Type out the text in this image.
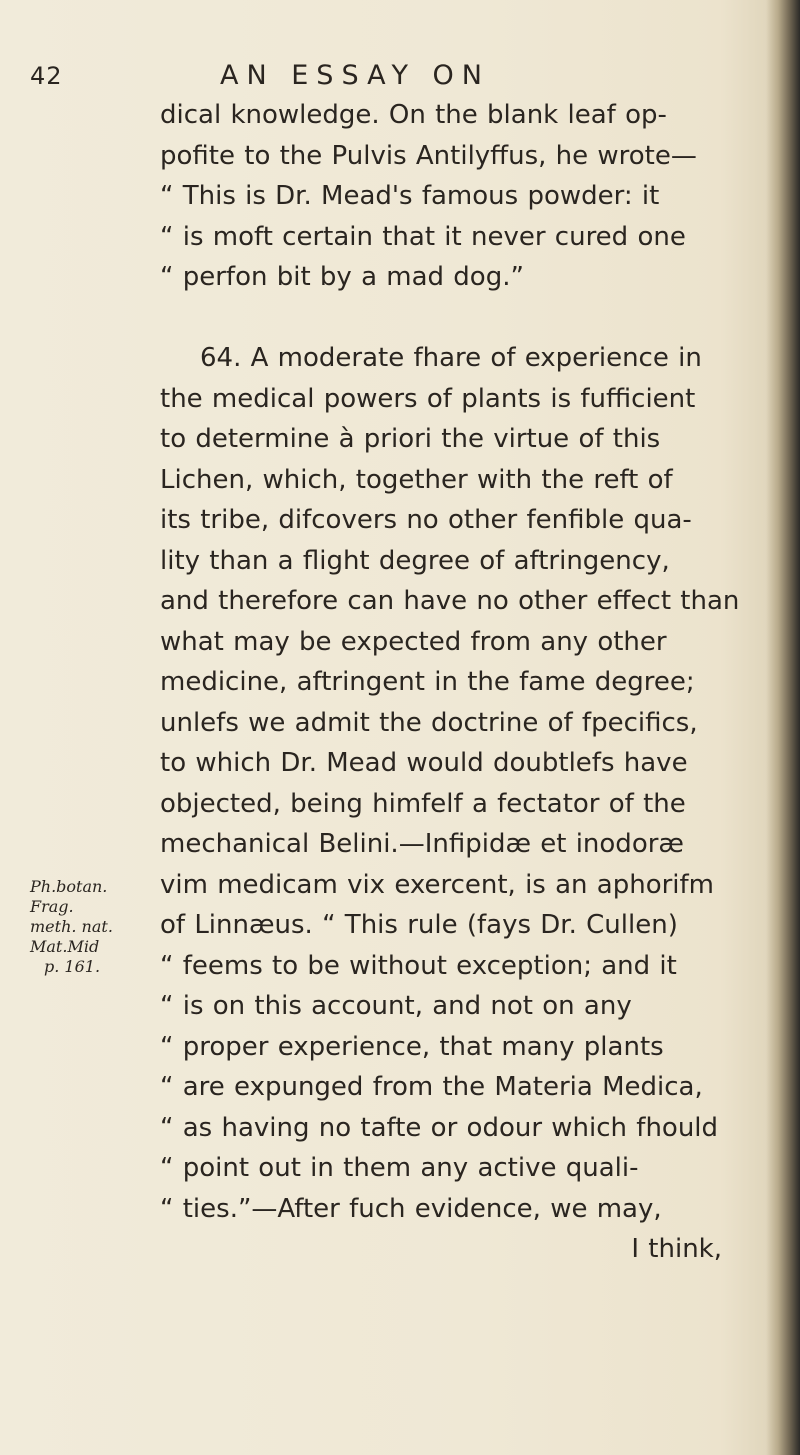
42	AN ESSAY ON
dical knowledge. On the blank leaf op-
pofite to the Pulvis Antilyffus, he wrote—
“ This is Dr. Mead's famous powder: it
“ is moft certain that it never cured one
“ perfon bit by a mad dog.”
64. A moderate fhare of experience in
the medical powers of plants is fufficient
to determine à priori the virtue of this
Lichen, which, together with the reft of
its tribe, difcovers no other fenfible qua-
lity than a flight degree of aftringency,
and therefore can have no other effect than
what may be expected from any other
medicine, aftringent in the fame degree;
unlefs we admit the doctrine of fpecifics,
to which Dr. Mead would doubtlefs have
objected, being himfelf a fectator of the
mechanical Belini.—Infipidæ et inodoræ
vim medicam vix exercent, is an aphorifm
of Linnæus. “ This rule (fays Dr. Cullen)
“ feems to be without exception; and it
“ is on this account, and not on any
“ proper experience, that many plants
“ are expunged from the Materia Medica,
“ as having no tafte or odour which fhould
“ point out in them any active quali-
“ ties.”—After fuch evidence, we may,
I think,
Ph.botan.
Frag.
meth. nat.
Mat.Mid
p. 161.
